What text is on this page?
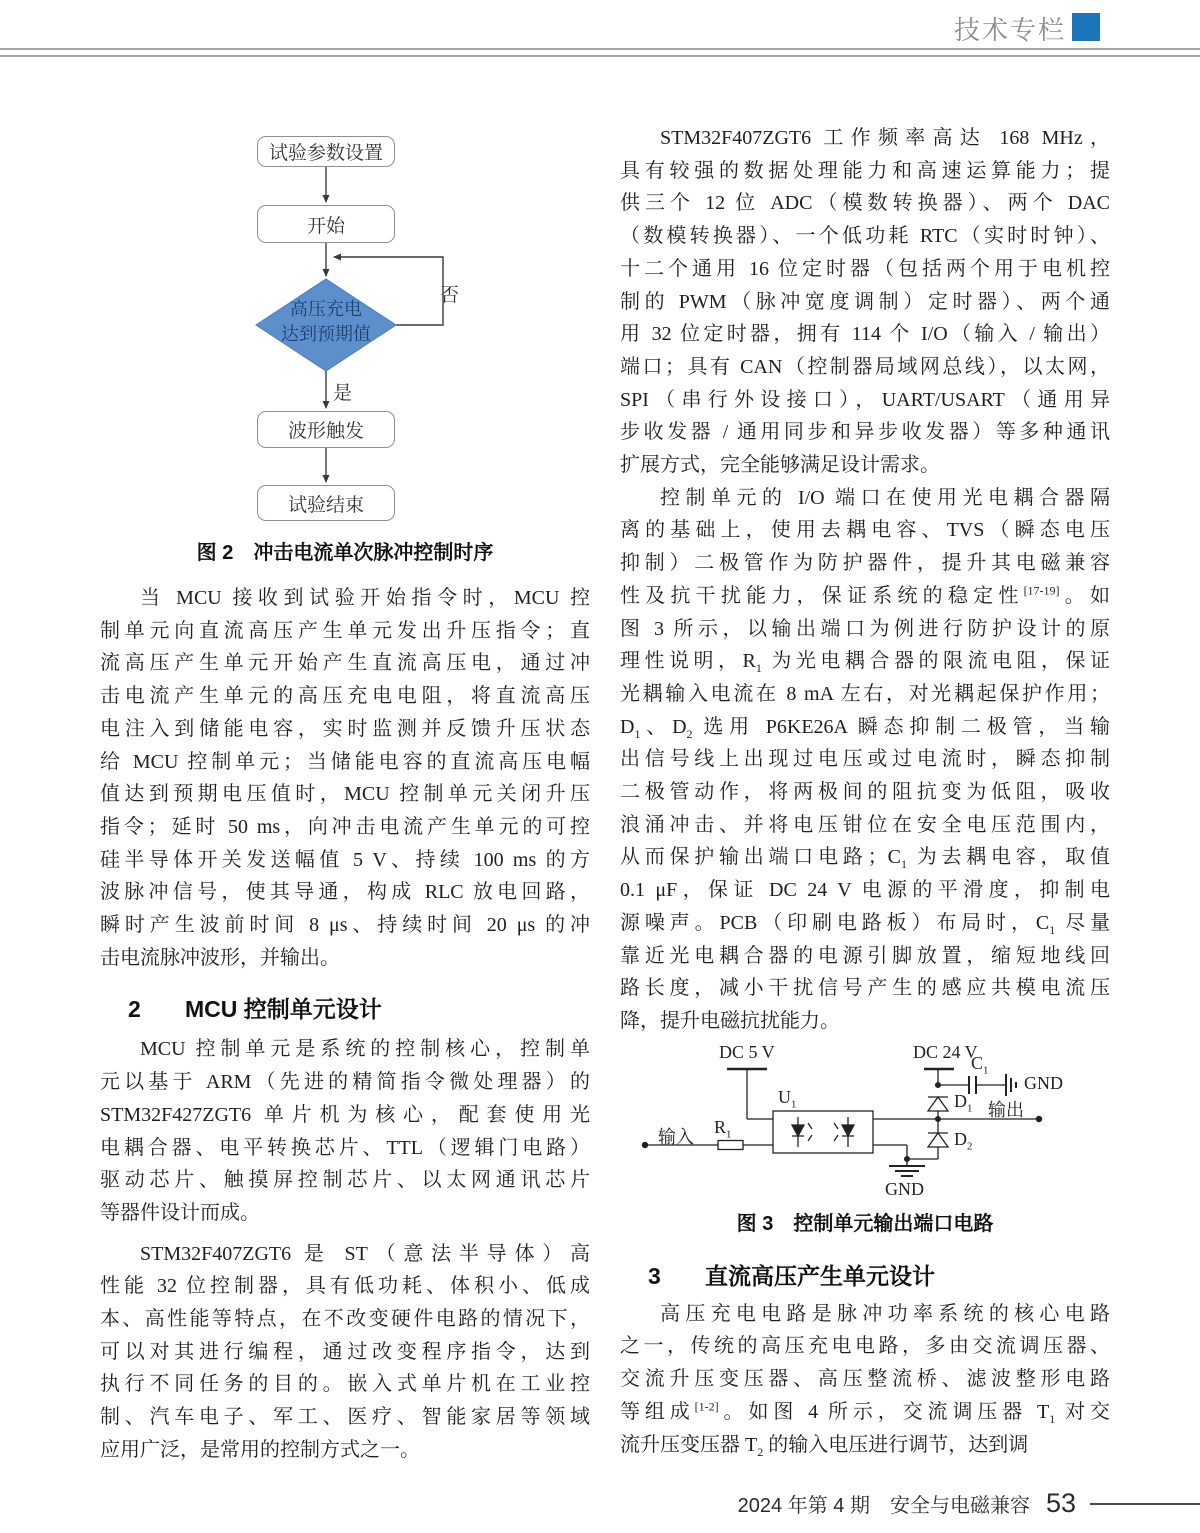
技术专栏
试验参数设置
开始
高压充电
达到预期值
否
是
波形触发
试验结束
图 2　冲击电流单次脉冲控制时序
当 MCU 接收到试验开始指令时，MCU 控
制单元向直流高压产生单元发出升压指令；直
流高压产生单元开始产生直流高压电，通过冲
击电流产生单元的高压充电电阻，将直流高压
电注入到储能电容，实时监测并反馈升压状态
给 MCU 控制单元；当储能电容的直流高压电幅
值达到预期电压值时，MCU 控制单元关闭升压
指令；延时 50 ms，向冲击电流产生单元的可控
硅半导体开关发送幅值 5 V、持续 100 ms 的方
波脉冲信号，使其导通，构成 RLC 放电回路，
瞬时产生波前时间 8 μs、持续时间 20 μs 的冲
击电流脉冲波形，并输出。
2	MCU 控制单元设计
MCU 控制单元是系统的控制核心，控制单
元以基于 ARM（先进的精简指令微处理器）的
STM32F427ZGT6 单片机为核心，配套使用光
电耦合器、电平转换芯片、TTL（逻辑门电路）
驱动芯片、触摸屏控制芯片、以太网通讯芯片
等器件设计而成。
STM32F407ZGT6 是 ST（意法半导体）高
性能 32 位控制器，具有低功耗、体积小、低成
本、高性能等特点，在不改变硬件电路的情况下，
可以对其进行编程，通过改变程序指令，达到
执行不同任务的目的。嵌入式单片机在工业控
制、汽车电子、军工、医疗、智能家居等领域
应用广泛，是常用的控制方式之一。
STM32F407ZGT6 工作频率高达 168 MHz，
具有较强的数据处理能力和高速运算能力；提
供三个 12 位 ADC（模数转换器）、两个 DAC
（数模转换器）、一个低功耗 RTC（实时时钟）、
十二个通用 16 位定时器（包括两个用于电机控
制的 PWM（脉冲宽度调制）定时器）、两个通
用 32 位定时器，拥有 114 个 I/O（输入 / 输出）
端口；具有 CAN（控制器局域网总线），以太网，
SPI（串行外设接口），UART/USART（通用异
步收发器 / 通用同步和异步收发器）等多种通讯
扩展方式，完全能够满足设计需求。
控制单元的 I/O 端口在使用光电耦合器隔
离的基础上，使用去耦电容、TVS（瞬态电压
抑制）二极管作为防护器件，提升其电磁兼容
性及抗干扰能力，保证系统的稳定性[17-19]。如
图 3 所示，以输出端口为例进行防护设计的原
理性说明，$R_1$ 为光电耦合器的限流电阻，保证
光耦输入电流在 8 mA 左右，对光耦起保护作用；
$D_1$、$D_2$ 选用 P6KE26A 瞬态抑制二极管，当输
出信号线上出现过电压或过电流时，瞬态抑制
二极管动作，将两极间的阻抗变为低阻，吸收
浪涌冲击、并将电压钳位在安全电压范围内，
从而保护输出端口电路；$C_1$ 为去耦电容，取值
0.1 μF，保证 DC 24 V 电源的平滑度，抑制电
源噪声。PCB（印刷电路板）布局时，$C_1$ 尽量
靠近光电耦合器的电源引脚放置，缩短地线回
路长度，减小干扰信号产生的感应共模电流压
降，提升电磁抗扰能力。
DC 5 V
$U_1$
输入 $R_1$
DC 24 V
$C_1$
GND
$D_1$
$D_2$
输出
GND
图 3　控制单元输出端口电路
3	直流高压产生单元设计
高压充电电路是脉冲功率系统的核心电路
之一，传统的高压充电电路，多由交流调压器、
交流升压变压器、高压整流桥、滤波整形电路
等组成[1-2]。如图 4 所示，交流调压器 $T_1$ 对交
流升压变压器 $T_2$ 的输入电压进行调节，达到调
2024 年第 4 期 安全与电磁兼容 53
